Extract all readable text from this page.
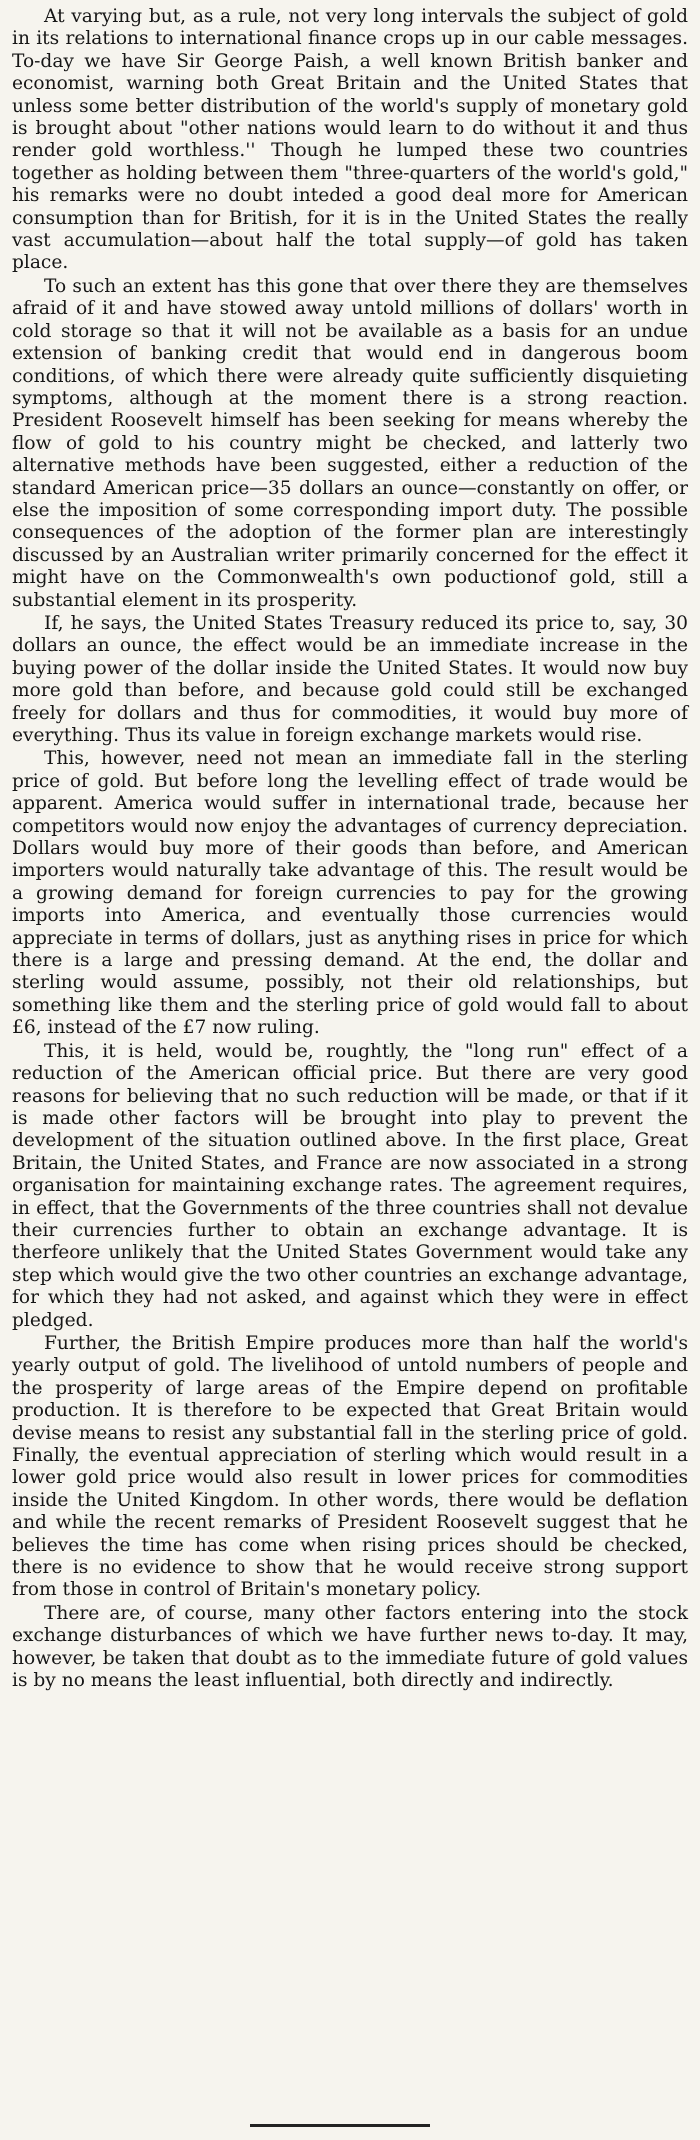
At varying but, as a rule, not very long intervals the subject of gold in its relations to international finance crops up in our cable messages. To-day we have Sir George Paish, a well known British banker and economist, warning both Great Britain and the United States that unless some better distribution of the world's supply of monetary gold is brought about "other nations would learn to do without it and thus render gold worthless.'' Though he lumped these two countries together as holding between them "three-quarters of the world's gold," his remarks were no doubt inteded a good deal more for American consumption than for British, for it is in the United States the really vast accumulation—about half the total supply—of gold has taken place.

To such an extent has this gone that over there they are themselves afraid of it and have stowed away untold millions of dollars' worth in cold storage so that it will not be available as a basis for an undue extension of banking credit that would end in dangerous boom conditions, of which there were already quite sufficiently disquieting symptoms, although at the moment there is a strong reaction. President Roosevelt himself has been seeking for means whereby the flow of gold to his country might be checked, and latterly two alternative methods have been suggested, either a reduction of the standard American price—35 dollars an ounce—constantly on offer, or else the imposition of some corresponding import duty. The possible consequences of the adoption of the former plan are interestingly discussed by an Australian writer primarily concerned for the effect it might have on the Commonwealth's own poductionof gold, still a substantial element in its prosperity.

If, he says, the United States Treasury reduced its price to, say, 30 dollars an ounce, the effect would be an immediate increase in the buying power of the dollar inside the United States. It would now buy more gold than before, and because gold could still be exchanged freely for dollars and thus for commodities, it would buy more of everything. Thus its value in foreign exchange markets would rise.

This, however, need not mean an immediate fall in the sterling price of gold. But before long the levelling effect of trade would be apparent. America would suffer in international trade, because her competitors would now enjoy the advantages of currency depreciation. Dollars would buy more of their goods than before, and American importers would naturally take advantage of this. The result would be a growing demand for foreign currencies to pay for the growing imports into America, and eventually those currencies would appreciate in terms of dollars, just as anything rises in price for which there is a large and pressing demand. At the end, the dollar and sterling would assume, possibly, not their old relationships, but something like them and the sterling price of gold would fall to about £6, instead of the £7 now ruling.

This, it is held, would be, roughtly, the "long run" effect of a reduction of the American official price. But there are very good reasons for believing that no such reduction will be made, or that if it is made other factors will be brought into play to prevent the development of the situation outlined above. In the first place, Great Britain, the United States, and France are now associated in a strong organisation for maintaining exchange rates. The agreement requires, in effect, that the Governments of the three countries shall not devalue their currencies further to obtain an exchange advantage. It is therfeore unlikely that the United States Government would take any step which would give the two other countries an exchange advantage, for which they had not asked, and against which they were in effect pledged.

Further, the British Empire produces more than half the world's yearly output of gold. The livelihood of untold numbers of people and the prosperity of large areas of the Empire depend on profitable production. It is therefore to be expected that Great Britain would devise means to resist any substantial fall in the sterling price of gold. Finally, the eventual appreciation of sterling which would result in a lower gold price would also result in lower prices for commodities inside the United Kingdom. In other words, there would be deflation and while the recent remarks of President Roosevelt suggest that he believes the time has come when rising prices should be checked, there is no evidence to show that he would receive strong support from those in control of Britain's monetary policy.

There are, of course, many other factors entering into the stock exchange disturbances of which we have further news to-day. It may, however, be taken that doubt as to the immediate future of gold values is by no means the least influential, both directly and indirectly.
